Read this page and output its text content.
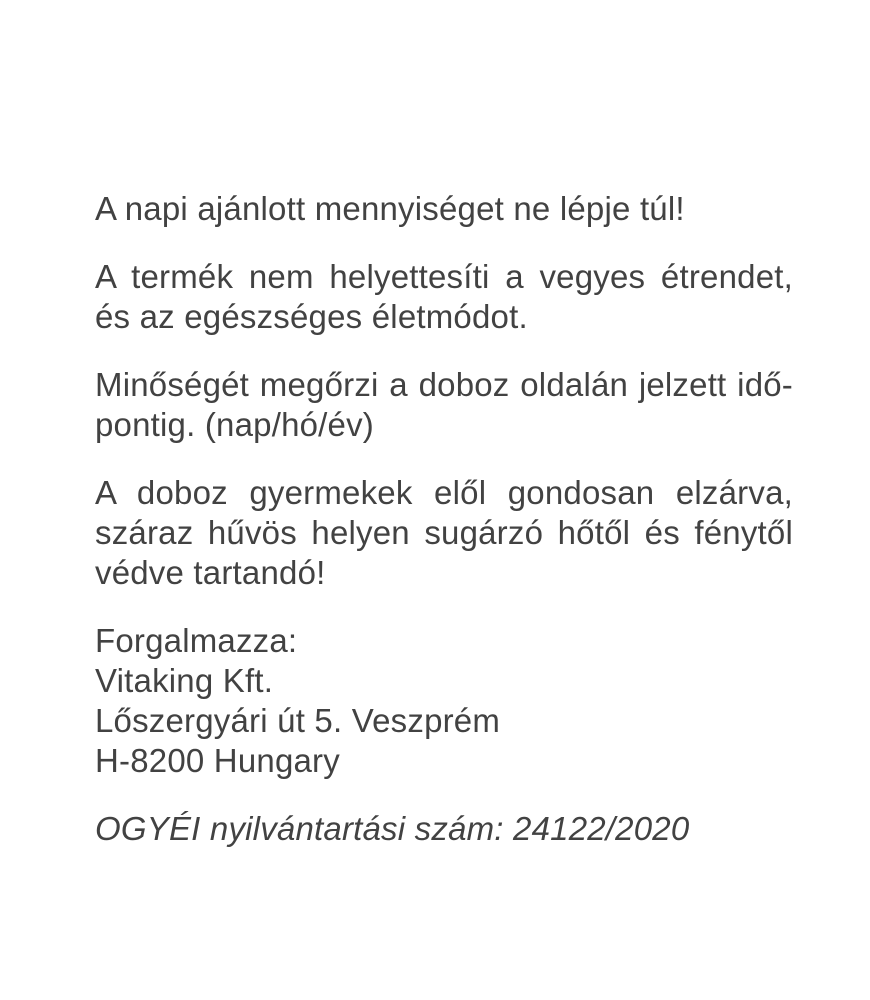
A napi ajánlott mennyiséget ne lépje túl!
A termék nem helyettesíti a vegyes étrendet,
és az egészséges életmódot.
Minőségét megőrzi a doboz oldalán jelzett idő-
pontig. (nap/hó/év)
A doboz gyermekek elől gondosan elzárva,
száraz hűvös helyen sugárzó hőtől és fénytől
védve tartandó!
Forgalmazza:
Vitaking Kft.
Lőszergyári út 5. Veszprém
H-8200 Hungary
OGYÉI nyilvántartási szám: 24122/2020
